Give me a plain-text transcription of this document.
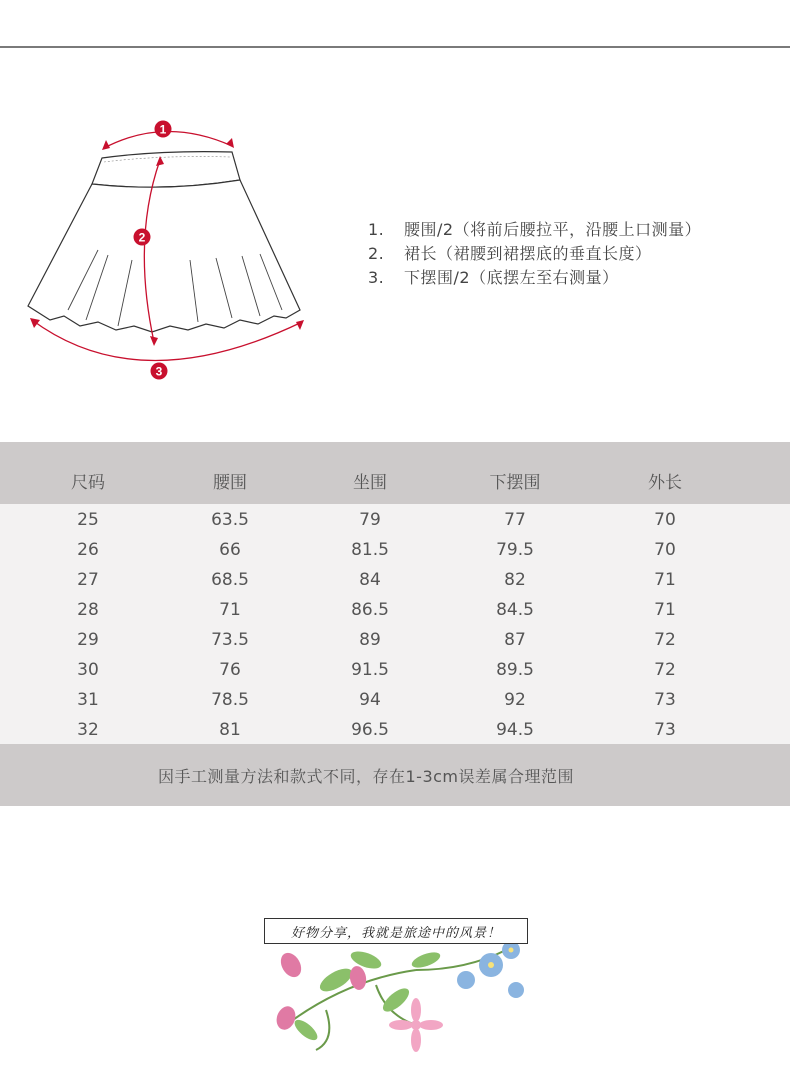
1
2
3
1. 腰围/2（将前后腰拉平，沿腰上口测量）
2. 裙长（裙腰到裙摆底的垂直长度）
3. 下摆围/2（底摆左至右测量）
尺码	腰围	坐围	下摆围	外长
25	63.5	79	77	70
26	66	81.5	79.5	70
27	68.5	84	82	71
28	71	86.5	84.5	71
29	73.5	89	87	72
30	76	91.5	89.5	72
31	78.5	94	92	73
32	81	96.5	94.5	73
因手工测量方法和款式不同，存在1-3cm误差属合理范围
好物分享，我就是旅途中的风景！
